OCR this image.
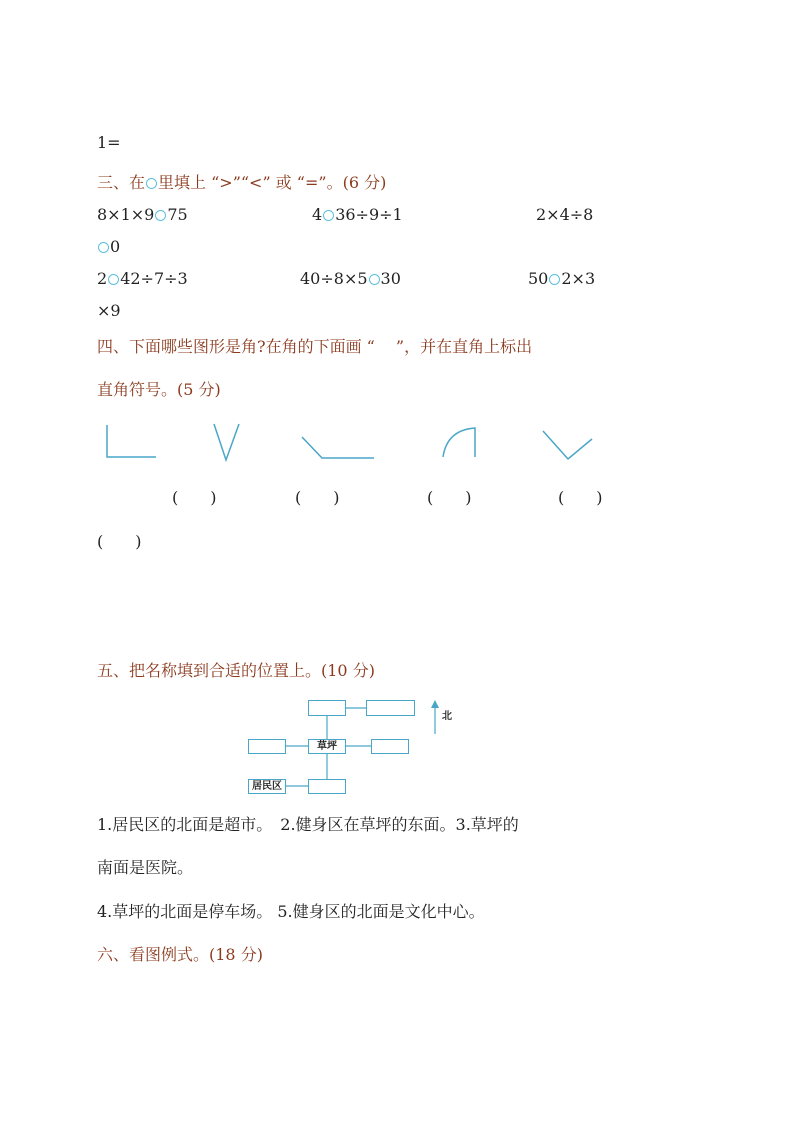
1=
三、在 里填上 “>”“<” 或 “=”。(6 分)
8×1×9 75	4 36÷9÷1	2×4÷8
0
2 42÷7÷3	40÷8×5 30	50 2×3
×9
四、下面哪些图形是角?在角的下面画 “　 ”，并在直角上标出
直角符号。(5 分)
(　　)	(　　)	(　　)	(　　)
(　　)
五、把名称填到合适的位置上。(10 分)
草坪
居民区
北
1.居民区的北面是超市。　2.健身区在草坪的东面。3.草坪的
南面是医院。
4.草坪的北面是停车场。 5.健身区的北面是文化中心。
六、看图例式。(18 分)
